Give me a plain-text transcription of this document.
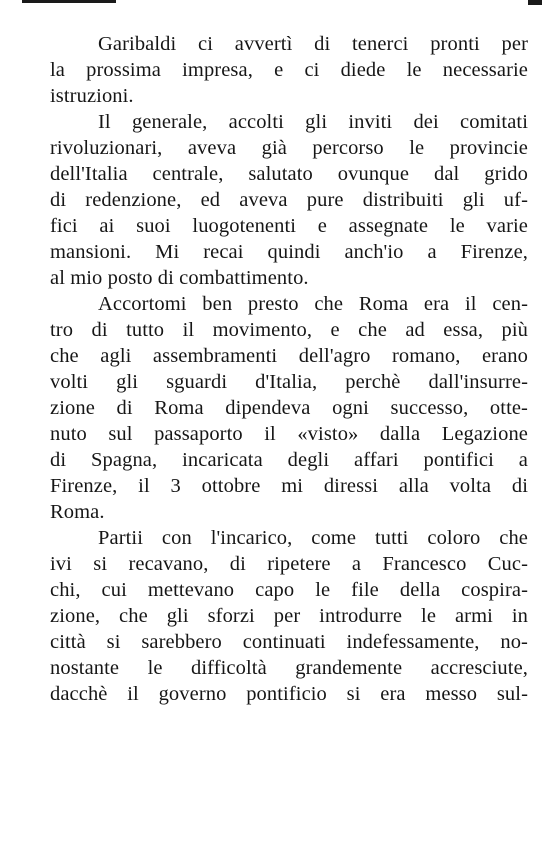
Garibaldi ci avvertì di tenerci pronti per
la prossima impresa, e ci diede le necessarie
istruzioni.
Il generale, accolti gli inviti dei comitati
rivoluzionari, aveva già percorso le provincie
dell'Italia centrale, salutato ovunque dal grido
di redenzione, ed aveva pure distribuiti gli uf-
fici ai suoi luogotenenti e assegnate le varie
mansioni. Mi recai quindi anch'io a Firenze,
al mio posto di combattimento.
Accortomi ben presto che Roma era il cen-
tro di tutto il movimento, e che ad essa, più
che agli assembramenti dell'agro romano, erano
volti gli sguardi d'Italia, perchè dall'insurre-
zione di Roma dipendeva ogni successo, otte-
nuto sul passaporto il «visto» dalla Legazione
di Spagna, incaricata degli affari pontifici a
Firenze, il 3 ottobre mi diressi alla volta di
Roma.
Partii con l'incarico, come tutti coloro che
ivi si recavano, di ripetere a Francesco Cuc-
chi, cui mettevano capo le file della cospira-
zione, che gli sforzi per introdurre le armi in
città si sarebbero continuati indefessamente, no-
nostante le difficoltà grandemente accresciute,
dacchè il governo pontificio si era messo sul-
